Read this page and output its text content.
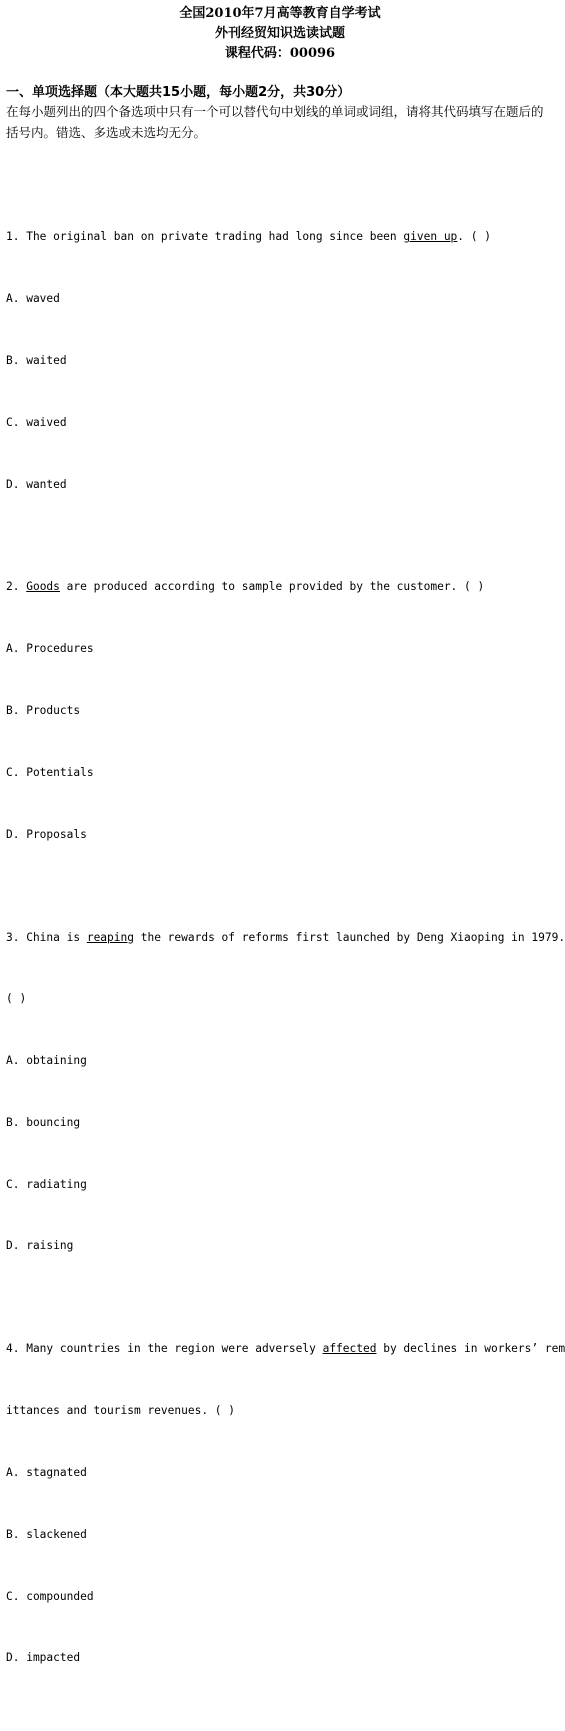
全国2010年7月高等教育自学考试
外刊经贸知识选读试题
课程代码：00096
一、单项选择题（本大题共15小题，每小题2分，共30分）
在每小题列出的四个备选项中只有一个可以替代句中划线的单词或词组，请将其代码填写在题后的括号内。错选、多选或未选均无分。

1. The original ban on private trading had long since been given up. ( )

A. waved

B. waited

C. waived

D. wanted

2. Goods are produced according to sample provided by the customer. ( )

A. Procedures

B. Products

C. Potentials

D. Proposals

3. China is reaping the rewards of reforms first launched by Deng Xiaoping in 1979.

( )

A. obtaining

B. bouncing

C. radiating

D. raising

4. Many countries in the region were adversely affected by declines in workers’ rem

ittances and tourism revenues. ( )

A. stagnated

B. slackened

C. compounded

D. impacted
